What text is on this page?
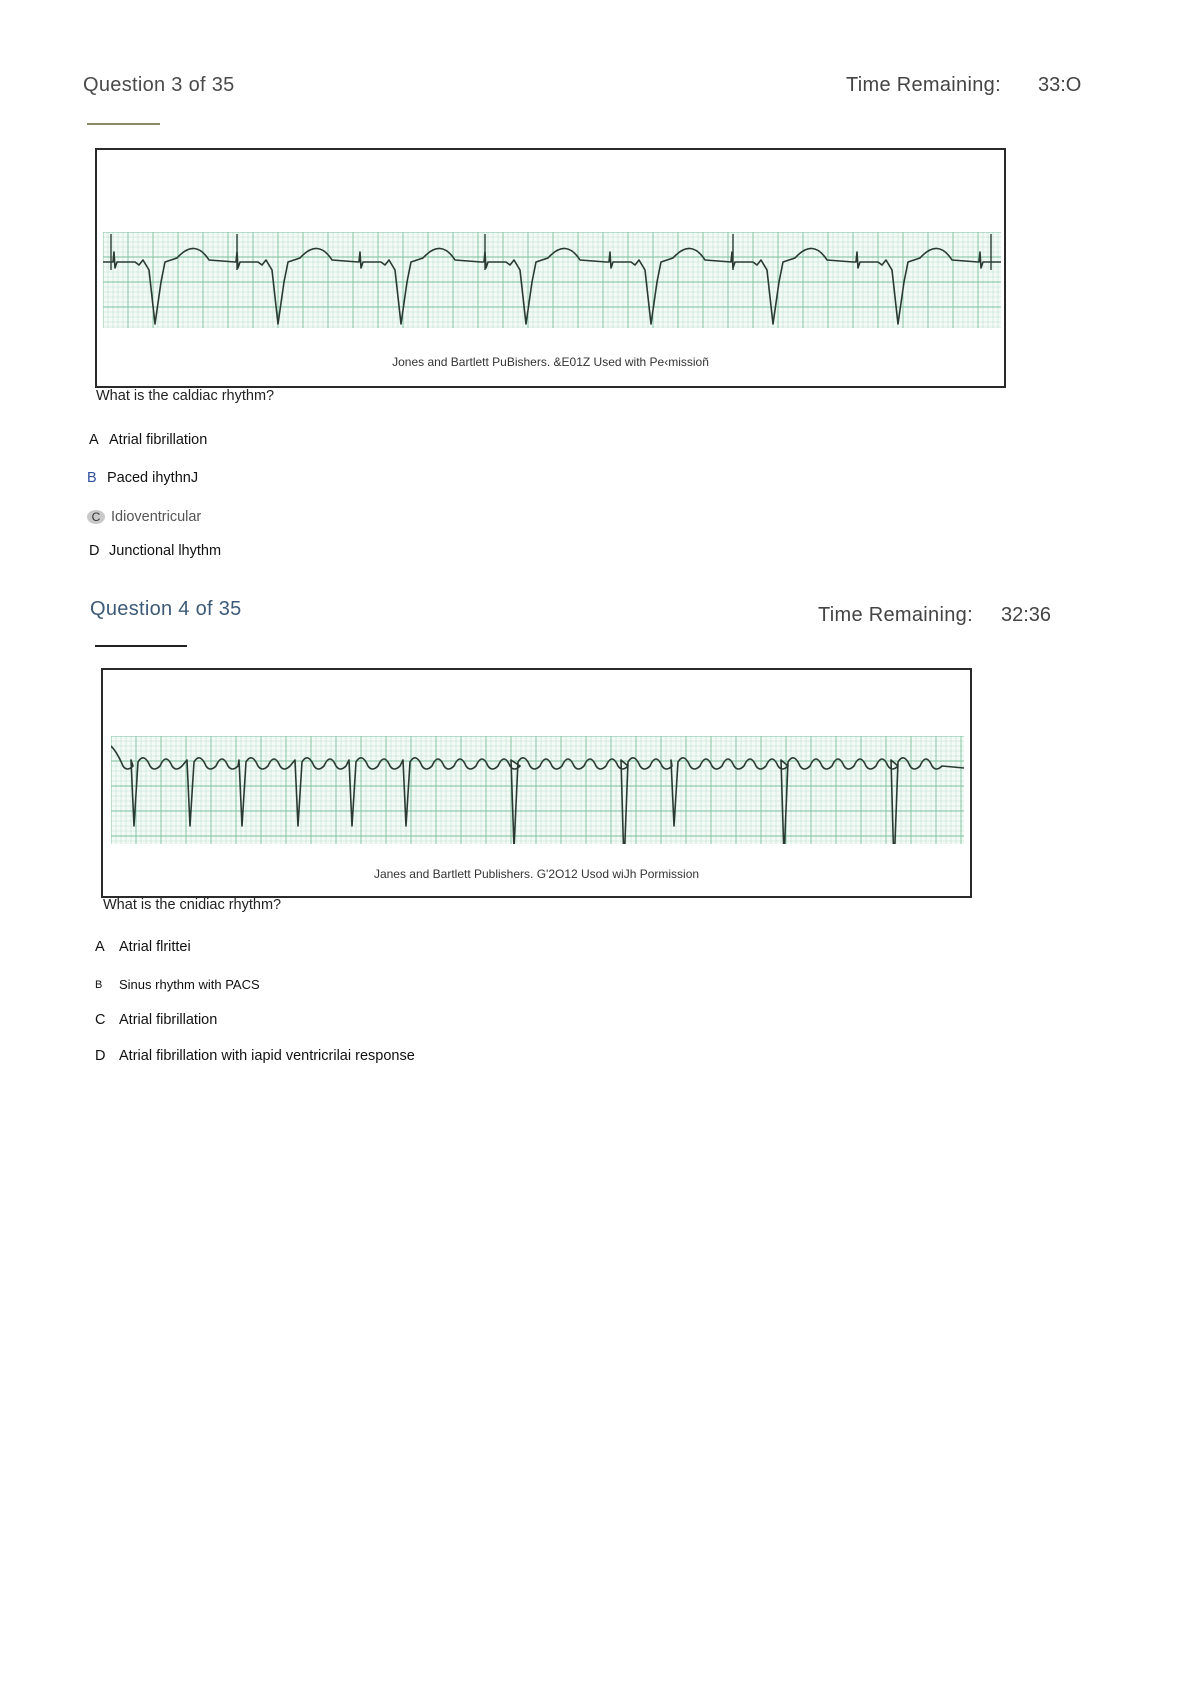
Question 3 of 35	Time Remaining: 33:O
Jones and Bartlett PuBishers. &E01Z Used with Pe‹missioñ
What is the caldiac rhythm?
A Atrial fibrillation
B Paced ihythnJ
C Idioventricular
D Junctional lhythm
Question 4 of 35	Time Remaining: 32:36
Janes and Bartlett Publishers. G'2O12 Usod wiJh Pormission
What is the cnidiac rhythm?
A Atrial flrittei
B	Sinus rhythm with PACS
C Atrial fibrillation
D Atrial fibrillation with iapid ventricrilai response
